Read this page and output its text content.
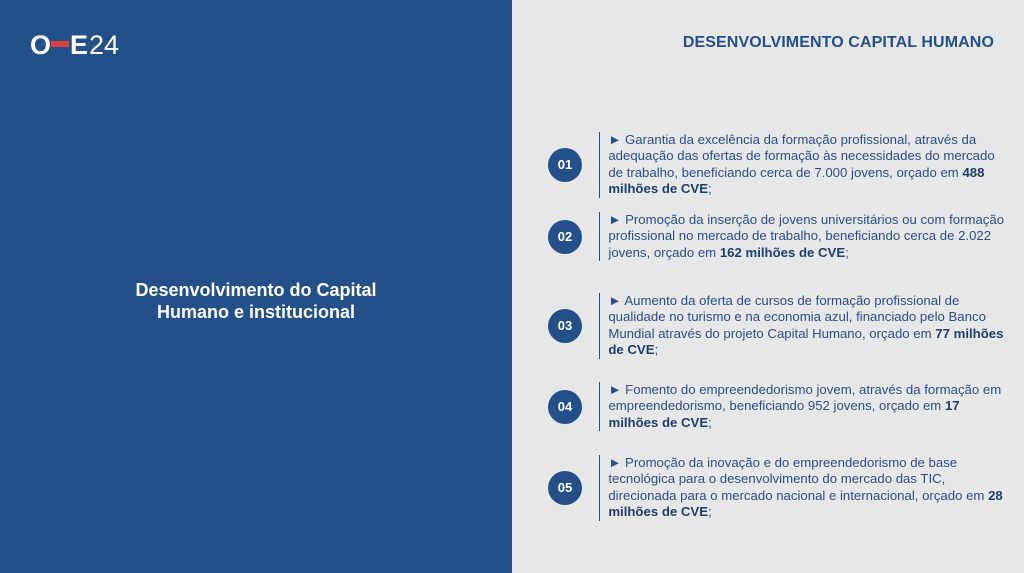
O E 24
Desenvolvimento do Capital Humano e institucional
DESENVOLVIMENTO CAPITAL HUMANO
01
► Garantia da excelência da formação profissional, através da adequação das ofertas de formação às necessidades do mercado de trabalho, beneficiando cerca de 7.000 jovens, orçado em 488 milhões de CVE;
02
► Promoção da inserção de jovens universitários ou com formação profissional no mercado de trabalho, beneficiando cerca de 2.022 jovens, orçado em 162 milhões de CVE;
03
► Aumento da oferta de cursos de formação profissional de qualidade no turismo e na economia azul, financiado pelo Banco Mundial através do projeto Capital Humano, orçado em 77 milhões de CVE;
04
► Fomento do empreendedorismo jovem, através da formação em empreendedorismo, beneficiando 952 jovens, orçado em 17 milhões de CVE;
05
► Promoção da inovação e do empreendedorismo de base tecnológica para o desenvolvimento do mercado das TIC, direcionada para o mercado nacional e internacional, orçado em 28 milhões de CVE;
